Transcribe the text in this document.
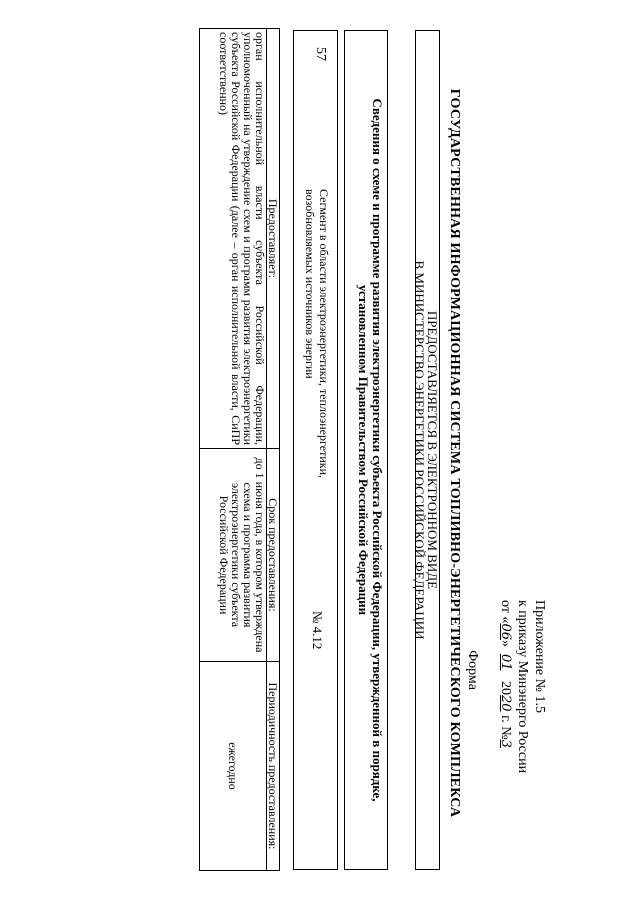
57
Приложение № 1.5
к приказу Минэнерго России
от «06»  01   2020 г. №3
Форма
ГОСУДАРСТВЕННАЯ ИНФОРМАЦИОННАЯ СИСТЕМА ТОПЛИВНО-ЭНЕРГЕТИЧЕСКОГО КОМПЛЕКСА
ПРЕДОСТАВЛЯЕТСЯ В ЭЛЕКТРОННОМ ВИДЕ
В МИНИСТЕРСТВО ЭНЕРГЕТИКИ РОССИЙСКОЙ ФЕДЕРАЦИИ
Сведения о схеме и программе развития электроэнергетики субъекта Российской Федерации, утвержденной в порядке,
установленном Правительством Российской Федерации
Сегмент в области электроэнергетики, теплоэнергетики, возобновляемых источников энергии
№ 4.12
Предоставляет:	Срок предоставления:	Периодичность предоставления:
орган исполнительной власти субъекта Российской Федерации, уполномоченный на утверждение схем и программ развития электроэнергетики субъекта Российской Федерации (далее – орган исполнительной власти, СиПР соответственно)	до 1 июня года, в котором утверждена схема и программа развития электроэнергетики субъекта Российской Федерации	ежегодно
